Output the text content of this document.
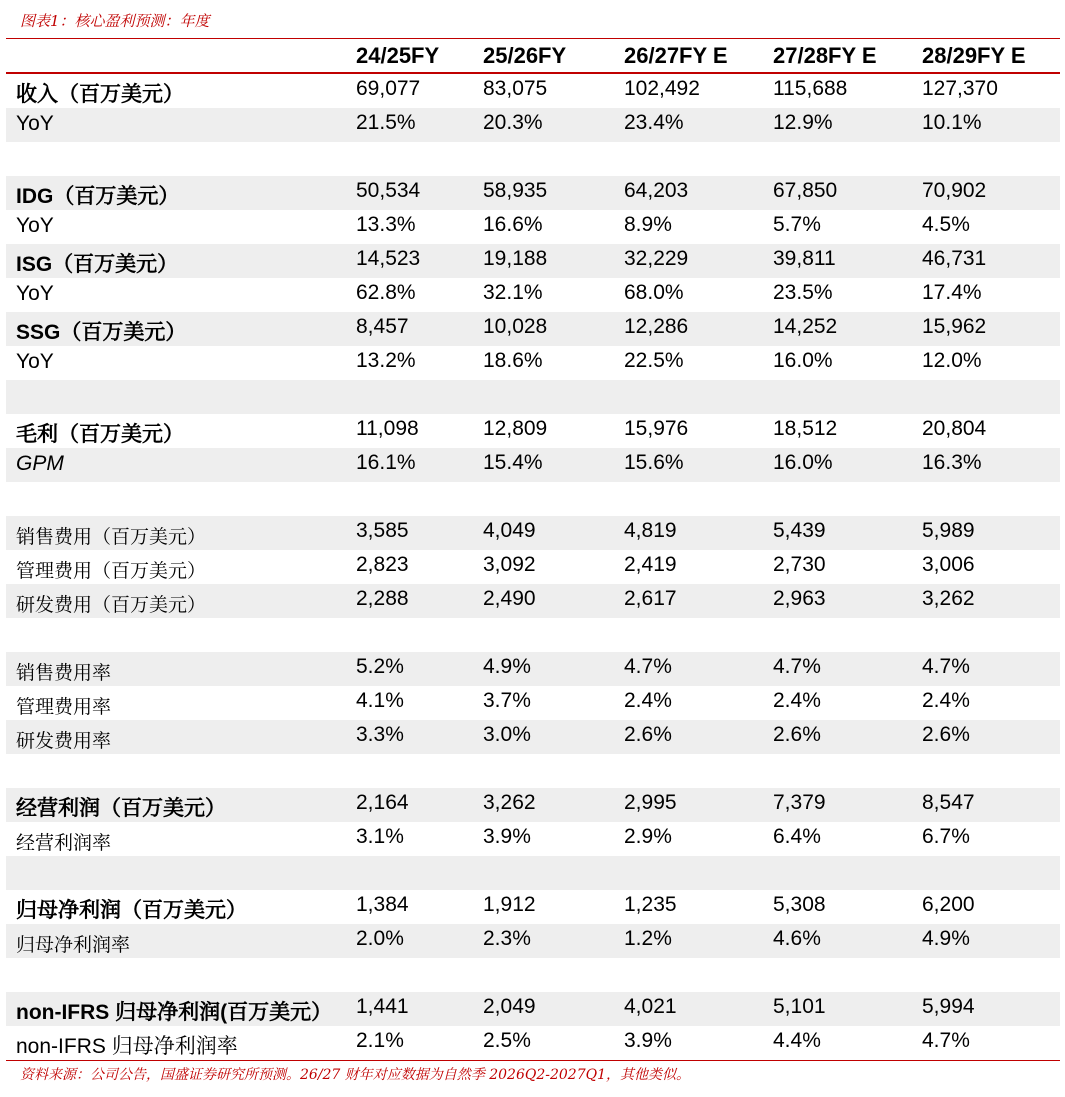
图表1：核心盈利预测：年度
24/25FY 25/26FY	26/27FY E 27/28FY E 28/29FY E
收入（百万美元）	69,077	83,075	102,492	115,688	127,370
YoY	21.5%	20.3%	23.4%	12.9%	10.1%
IDG（百万美元）	50,534	58,935	64,203	67,850	70,902
YoY	13.3%	16.6%	8.9%	5.7%	4.5%
ISG（百万美元）	14,523	19,188	32,229	39,811	46,731
YoY	62.8%	32.1%	68.0%	23.5%	17.4%
SSG（百万美元）	8,457	10,028	12,286	14,252	15,962
YoY	13.2%	18.6%	22.5%	16.0%	12.0%
毛利（百万美元）	11,098	12,809	15,976	18,512	20,804
GPM	16.1%	15.4%	15.6%	16.0%	16.3%
销售费用（百万美元）	3,585	4,049	4,819	5,439	5,989
管理费用（百万美元）	2,823	3,092	2,419	2,730	3,006
研发费用（百万美元）	2,288	2,490	2,617	2,963	3,262
销售费用率	5.2%	4.9%	4.7%	4.7%	4.7%
管理费用率	4.1%	3.7%	2.4%	2.4%	2.4%
研发费用率	3.3%	3.0%	2.6%	2.6%	2.6%
经营利润（百万美元）	2,164	3,262	2,995	7,379	8,547
经营利润率	3.1%	3.9%	2.9%	6.4%	6.7%
归母净利润（百万美元）	1,384	1,912	1,235	5,308	6,200
归母净利润率	2.0%	2.3%	1.2%	4.6%	4.9%
non-IFRS 归母净利润(百万美元） 1,441	2,049	4,021	5,101	5,994
non-IFRS 归母净利润率	2.1%	2.5%	3.9%	4.4%	4.7%
资料来源：公司公告，国盛证券研究所预测。26/27 财年对应数据为自然季 2026Q2-2027Q1，其他类似。
